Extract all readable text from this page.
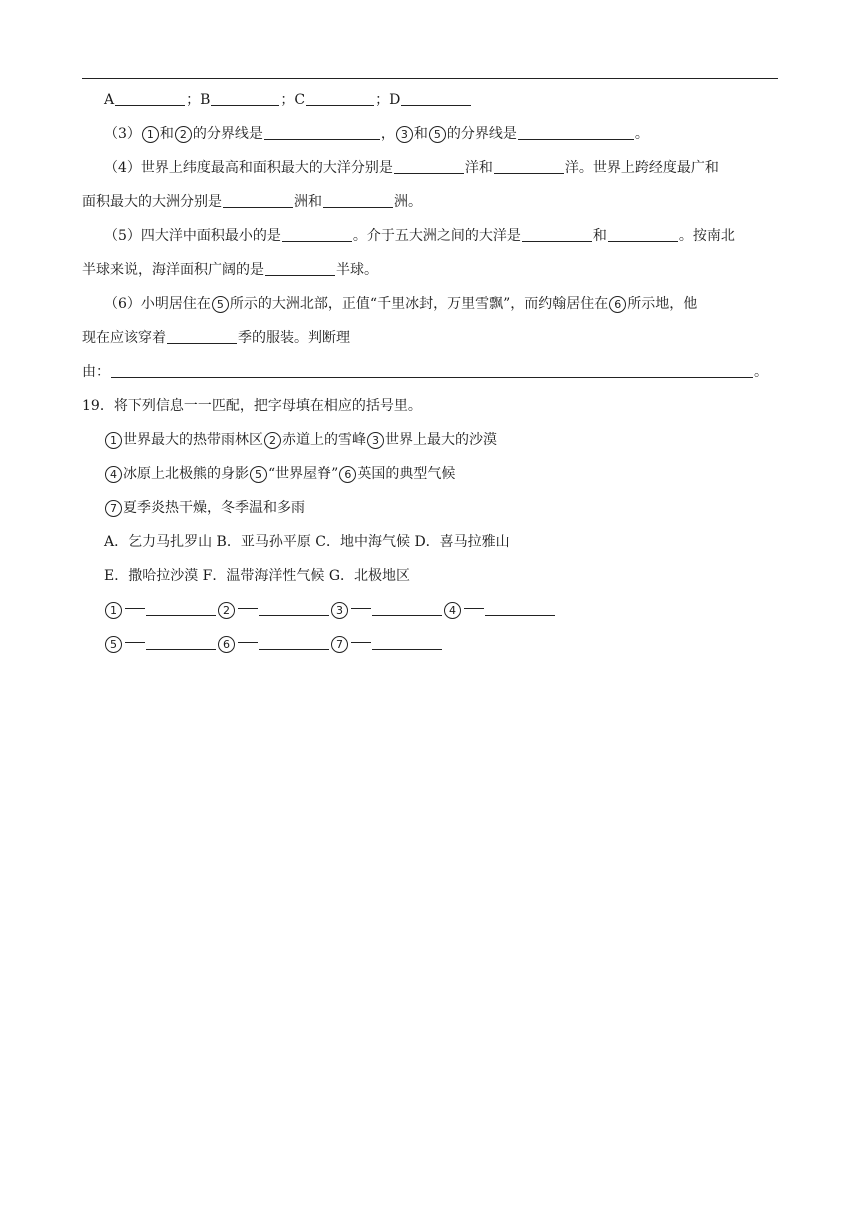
A	；B	；C	；D
（3） 1 和 2 的分界线是	， 3 和 5 的分界线是	。
（4）世界上纬度最高和面积最大的大洋分别是	洋和	洋。世界上跨经度最广和
面积最大的大洲分别是	洲和	洲。
（5）四大洋中面积最小的是	。介于五大洲之间的大洋是	和	。按南北
半球来说，海洋面积广阔的是	半球。
（6）小明居住在 5 所示的大洲北部，正值“千里冰封，万里雪飘”，而约翰居住在 6 所示地，他
现在应该穿着	季的服装。判断理
由：	。
19．将下列信息一一匹配，把字母填在相应的括号里。
1 世界最大的热带雨林区 2 赤道上的雪峰 3 世界上最大的沙漠
4 冰原上北极熊的身影 5 “世界屋脊” 6 英国的典型气候
7 夏季炎热干燥，冬季温和多雨
A．乞力马扎罗山 B．亚马孙平原 C．地中海气候 D．喜马拉雅山
E．撒哈拉沙漠 F．温带海洋性气候 G．北极地区
1	2	3	4
5	6	7
